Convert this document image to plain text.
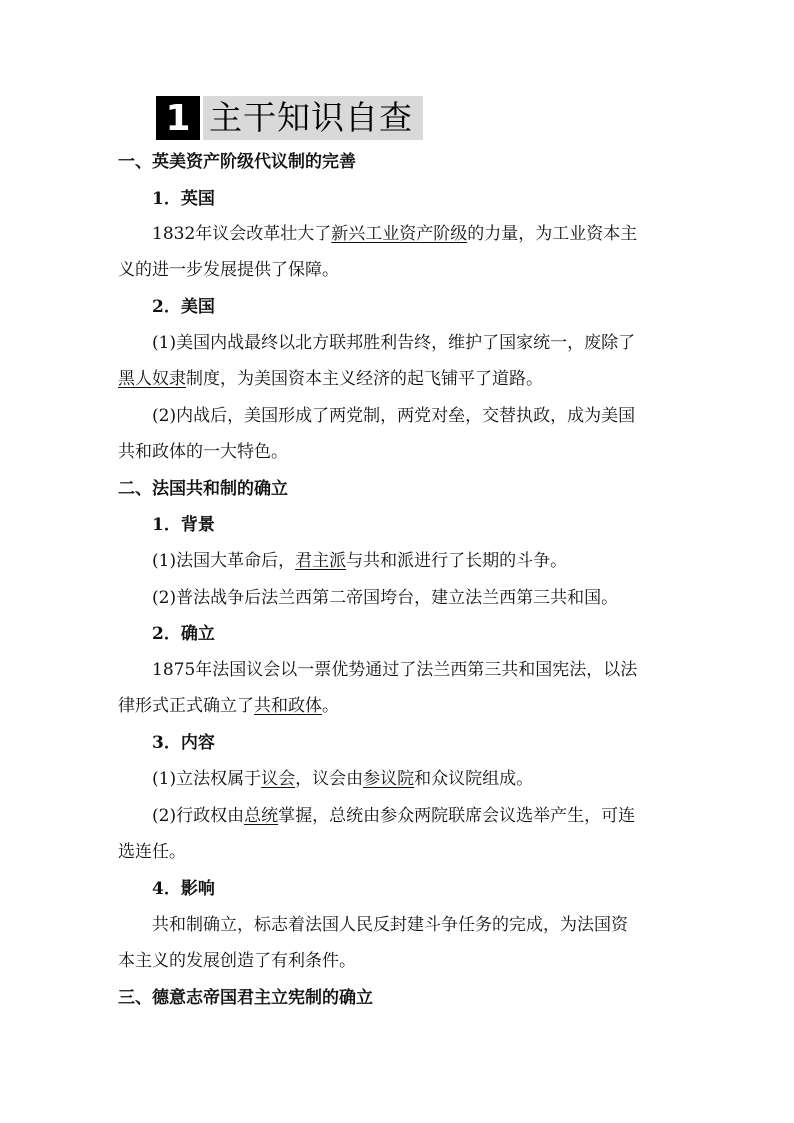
1 主干知识自查
一、英美资产阶级代议制的完善
1．英国
1832年议会改革壮大了新兴工业资产阶级的力量，为工业资本主
义的进一步发展提供了保障。
2．美国
(1)美国内战最终以北方联邦胜利告终，维护了国家统一，废除了
黑人奴隶制度，为美国资本主义经济的起飞铺平了道路。
(2)内战后，美国形成了两党制，两党对垒，交替执政，成为美国
共和政体的一大特色。
二、法国共和制的确立
1．背景
(1)法国大革命后，君主派与共和派进行了长期的斗争。
(2)普法战争后法兰西第二帝国垮台，建立法兰西第三共和国。
2．确立
1875年法国议会以一票优势通过了法兰西第三共和国宪法，以法
律形式正式确立了共和政体。
3．内容
(1)立法权属于议会，议会由参议院和众议院组成。
(2)行政权由总统掌握，总统由参众两院联席会议选举产生，可连
选连任。
4．影响
共和制确立，标志着法国人民反封建斗争任务的完成，为法国资
本主义的发展创造了有利条件。
三、德意志帝国君主立宪制的确立
